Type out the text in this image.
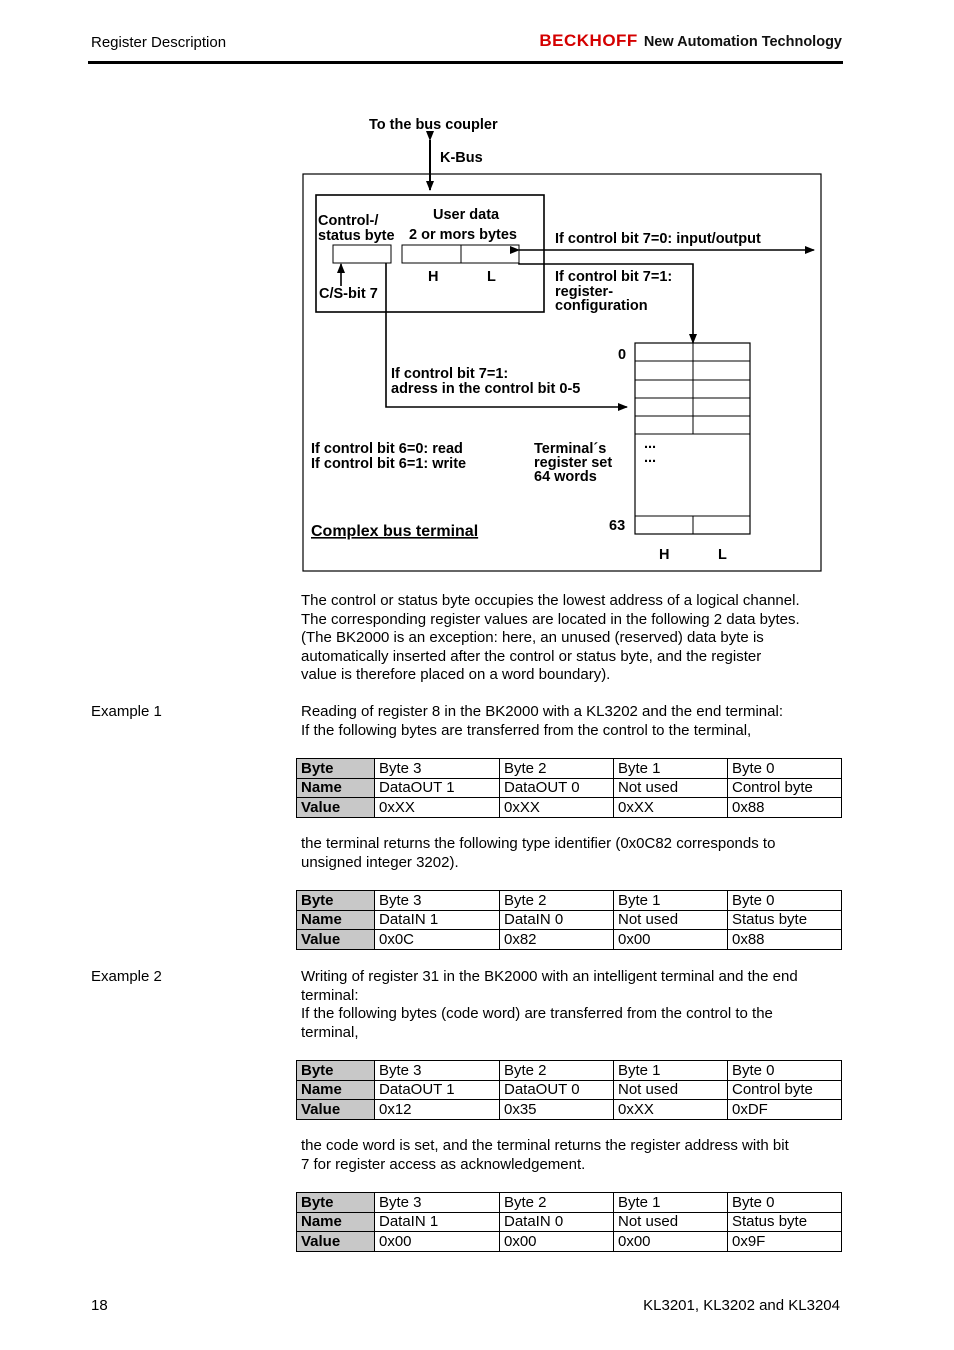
Register Description	BECKHOFF New Automation Technology
To the bus coupler
K-Bus
Control-/
status byte
User data
2 or mors bytes
H	L
C/S-bit 7
If control bit 7=0: input/output
If control bit 7=1:
register-
configuration
If control bit 7=1:
adress in the control bit 0-5
0
...
...
63
H	L
If control bit 6=0: read
If control bit 6=1: write
Terminal´s
register set
64 words
Complex bus terminal

The control or status byte occupies the lowest address of a logical channel.

The corresponding register values are located in the following 2 data bytes.

(The BK2000 is an exception: here, an unused (reserved) data byte is

automatically inserted after the control or status byte, and the register

value is therefore placed on a word boundary).

Example 1	Reading of register 8 in the BK2000 with a KL3202 and the end terminal:

If the following bytes are transferred from the control to the terminal,

Byte	Byte 3	Byte 2	Byte 1	Byte 0
Name	DataOUT 1	DataOUT 0	Not used	Control byte
Value	0xXX	0xXX	0xXX	0x88

the terminal returns the following type identifier (0x0C82 corresponds to

unsigned integer 3202).

Byte	Byte 3	Byte 2	Byte 1	Byte 0
Name	DataIN 1	DataIN 0	Not used	Status byte
Value	0x0C	0x82	0x00	0x88
Example 2	Writing of register 31 in the BK2000 with an intelligent terminal and the end

terminal:

If the following bytes (code word) are transferred from the control to the

terminal,

Byte	Byte 3	Byte 2	Byte 1	Byte 0
Name	DataOUT 1	DataOUT 0	Not used	Control byte
Value	0x12	0x35	0xXX	0xDF

the code word is set, and the terminal returns the register address with bit

7 for register access as acknowledgement.

Byte	Byte 3	Byte 2	Byte 1	Byte 0
Name	DataIN 1	DataIN 0	Not used	Status byte
Value	0x00	0x00	0x00	0x9F
18	KL3201, KL3202 and KL3204
